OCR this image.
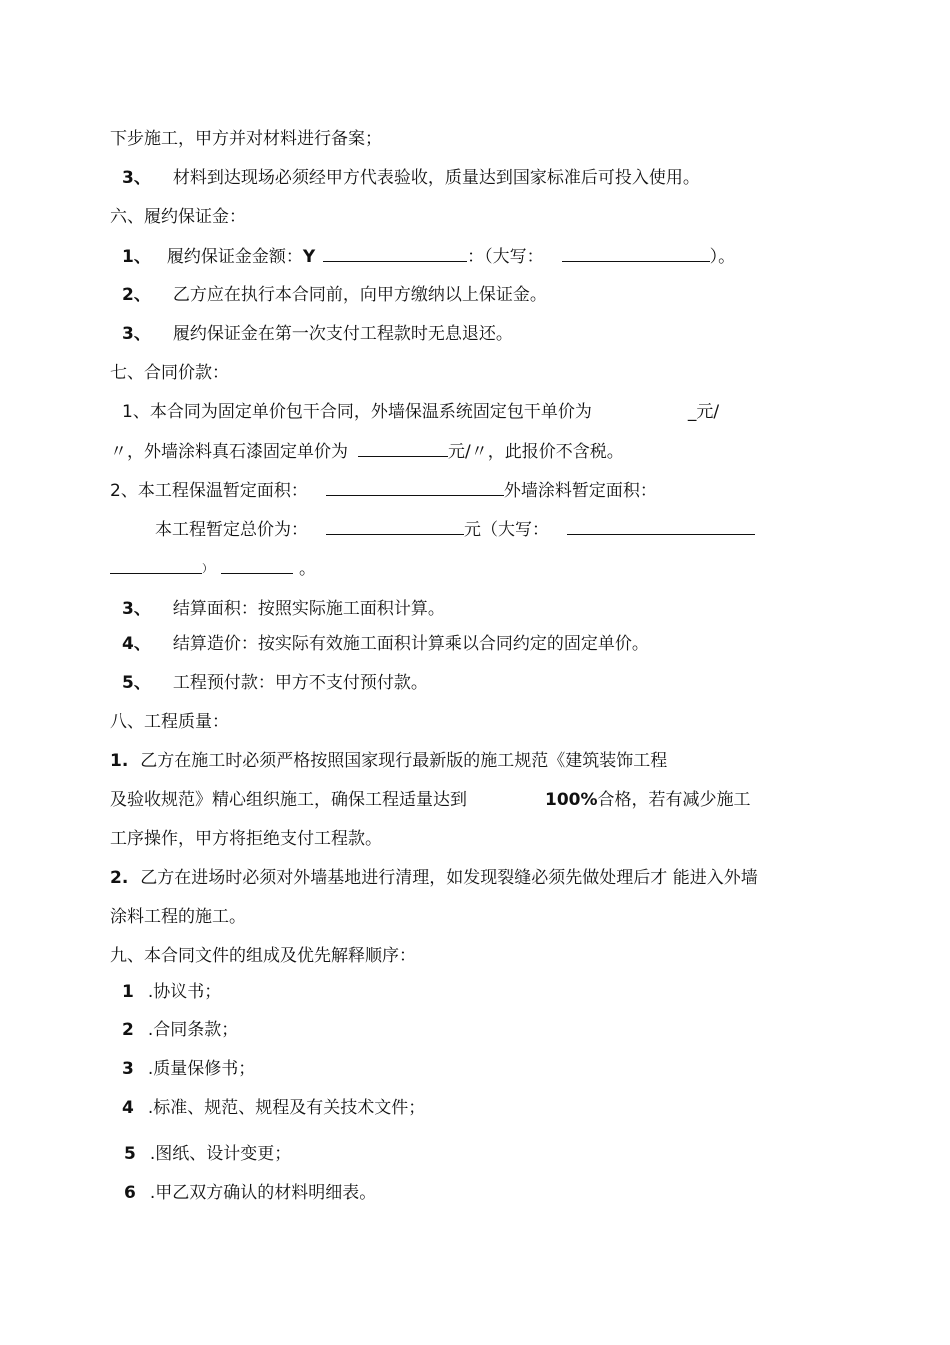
下步施工，甲方并对材料进行备案；
3、 材料到达现场必须经甲方代表验收，质量达到国家标准后可投入使用。
六、履约保证金：
1、 履约保证金金额：Y	：（大写：	）。
2、 乙方应在执行本合同前，向甲方缴纳以上保证金。
3、 履约保证金在第一次支付工程款时无息退还。
七、合同价款：
1、本合同为固定单价包干合同，外墙保温系统固定包干单价为	_元/
〃，外墙涂料真石漆固定单价为	元/〃，此报价不含税。
2、本工程保温暂定面积：	外墙涂料暂定面积：
本工程暂定总价为：	元（大写：
）	。
3、 结算面积：按照实际施工面积计算。
4、 结算造价：按实际有效施工面积计算乘以合同约定的固定单价。
5、 工程预付款：甲方不支付预付款。
八、工程质量：
1. 乙方在施工时必须严格按照国家现行最新版的施工规范《建筑装饰工程
及验收规范》精心组织施工，确保工程适量达到	100%合格，若有减少施工
工序操作，甲方将拒绝支付工程款。
2. 乙方在进场时必须对外墙基地进行清理，如发现裂缝必须先做处理后才 能进入外墙
涂料工程的施工。
九、本合同文件的组成及优先解释顺序：
1 .协议书；
2 .合同条款；
3 .质量保修书；
4 .标准、规范、规程及有关技术文件；
5 .图纸、设计变更；
6 .甲乙双方确认的材料明细表。
